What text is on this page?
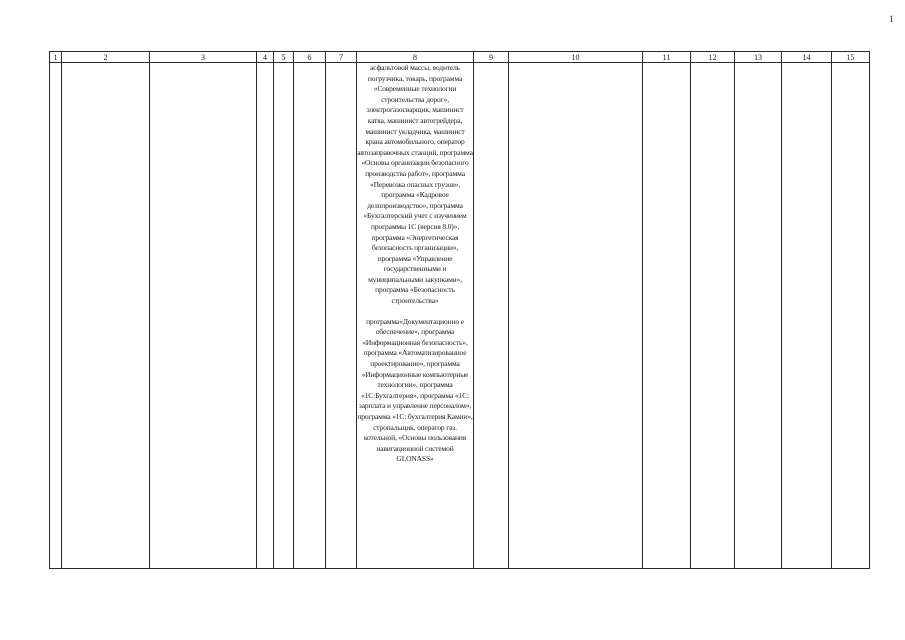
1
1	2	3	4	5	6	7	8	9	10	11	12	13	14	15

							асфальтовой массы, водитель погрузчика, токарь, программа «Современные технологии строительства дорог», электрогазосварщик, машинист катка, машинист автогрейдера, машинист укладчика, машинист крана автомобильного, оператор автозаправочных станций, программа «Основы организации безопасного производства работ», программа «Перевозка опасных грузов», программа «Кадровое делопроизводство», программа «Бухгалтерский учет с изучением программы 1С (версия 8.0)», программа «Энергетическая безопасность организации», программа «Управление государственными и муниципальными закупками», программа «Безопасность строительства»
программа«Документационно е обеспечение», программа «Информационная безопасность», программа «Автоматизированное проектирование», программа «Информационные компьютерные технологии», программа «1С:Бухгалтерия», программа «1С: зарплата и управление персоналом», программа «1С: бухгалтерия Камин», стропальщик, оператор газ. котельной, «Основы пользования навигационной системой GLONASS»							
